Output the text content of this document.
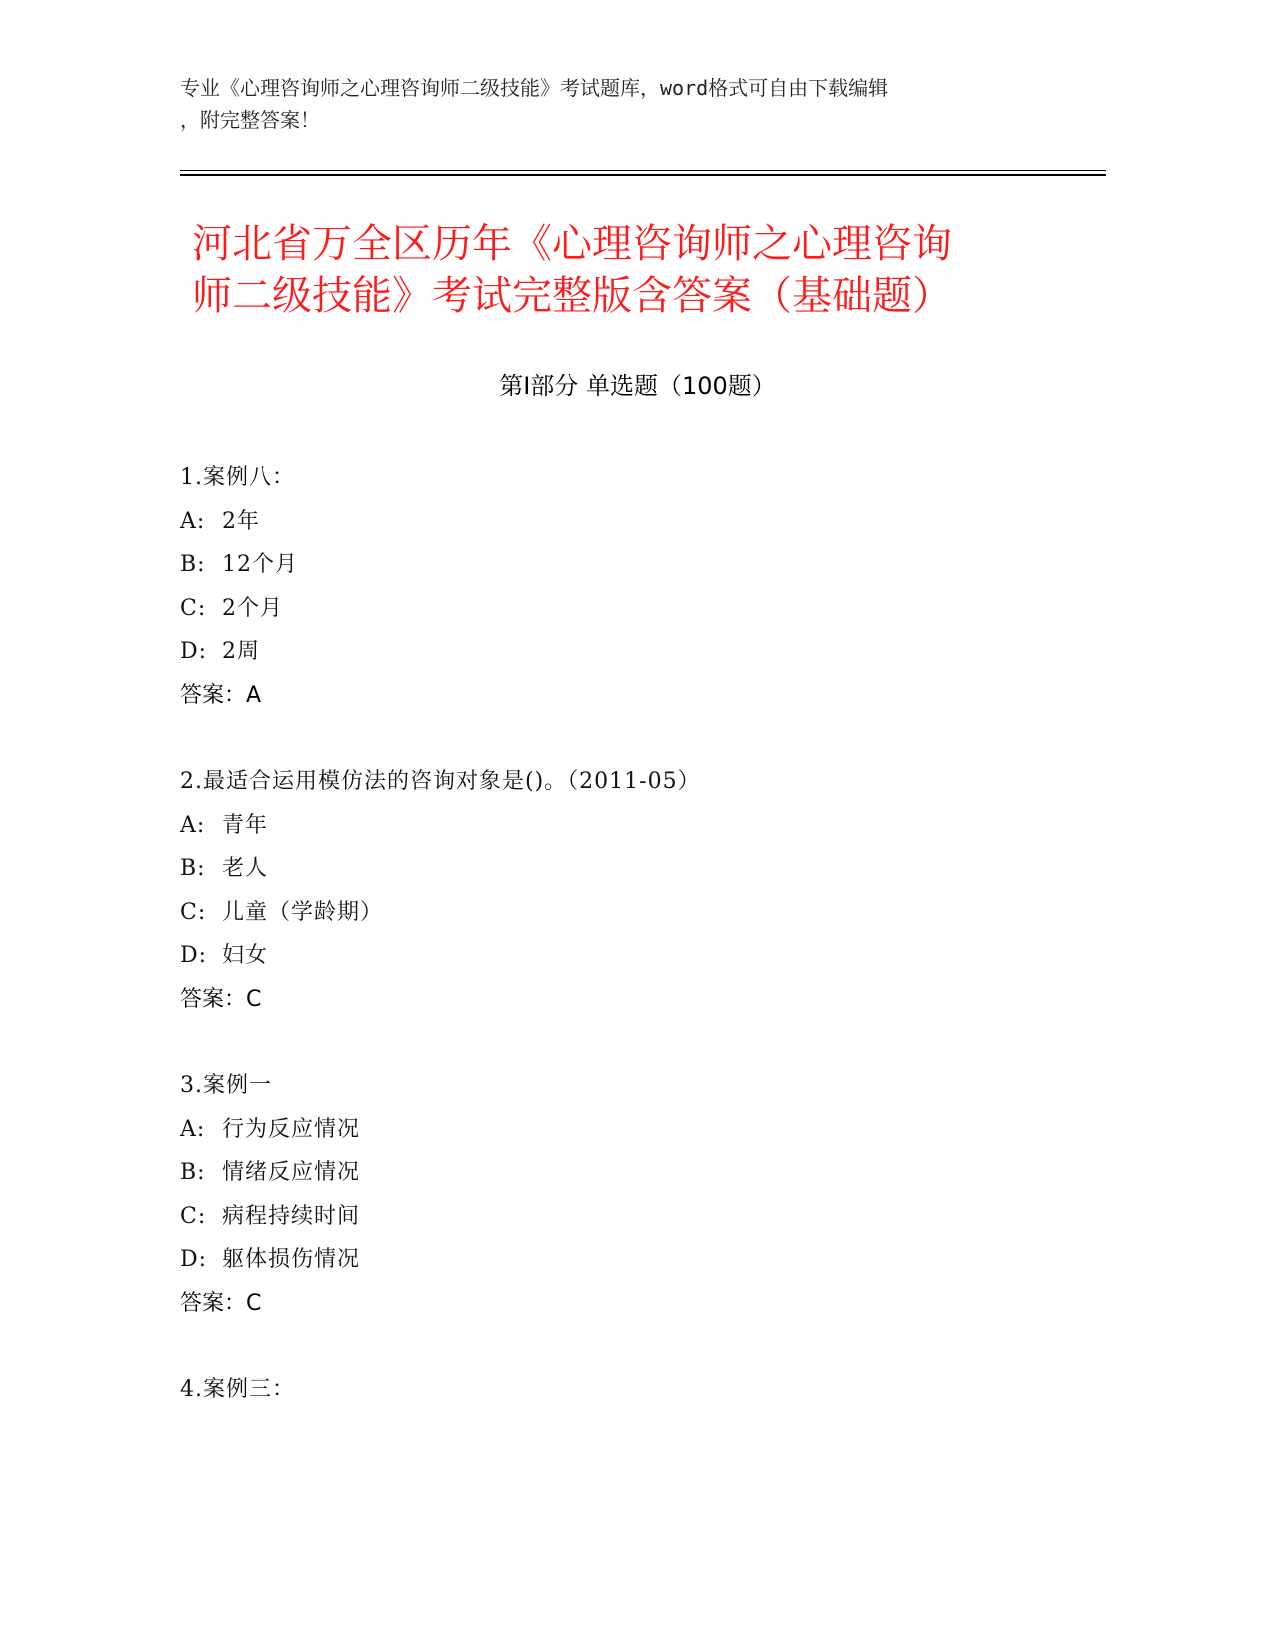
专业《心理咨询师之心理咨询师二级技能》考试题库，word格式可自由下载编辑
，附完整答案！
河北省万全区历年《心理咨询师之心理咨询
师二级技能》考试完整版含答案（基础题）
第Ⅰ部分 单选题（100题）
1.案例八：
A: 2年
B: 12个月
C: 2个月
D: 2周
答案：A
2.最适合运用模仿法的咨询对象是()。（2011-05）
A: 青年
B: 老人
C: 儿童（学龄期）
D: 妇女
答案：C
3.案例一
A: 行为反应情况
B: 情绪反应情况
C: 病程持续时间
D: 躯体损伤情况
答案：C
4.案例三：
